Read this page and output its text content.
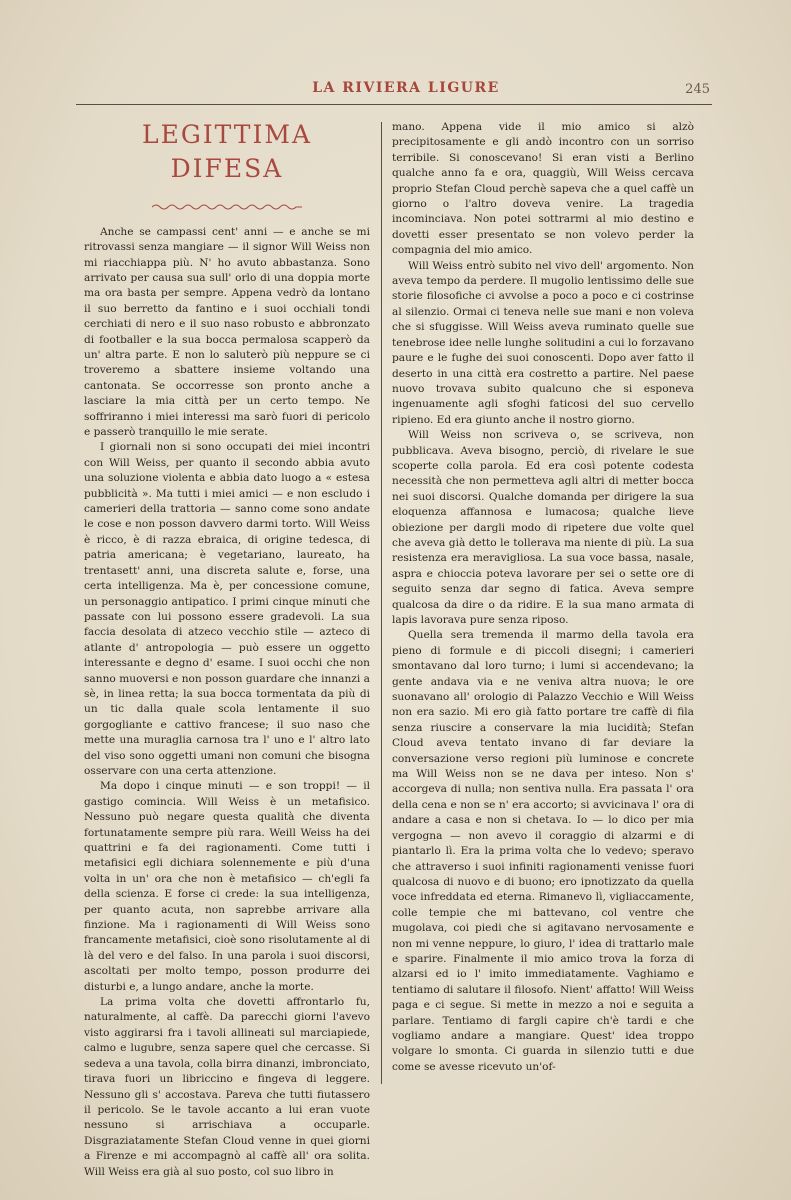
LA RIVIERA LIGURE	245
LEGITTIMA DIFESA

Anche se campassi cent' anni — e anche se mi ritrovassi senza mangiare — il signor Will Weiss non mi riacchiappa più. N' ho avuto abbastanza. Sono arrivato per causa sua sull' orlo di una doppia morte ma ora basta per sempre. Appena vedrò da lontano il suo berretto da fantino e i suoi occhiali tondi cerchiati di nero e il suo naso robusto e abbronzato di footballer e la sua bocca permalosa scapperò da un' altra parte. E non lo saluterò più neppure se ci troveremo a sbattere insieme voltando una cantonata. Se occorresse son pronto anche a lasciare la mia città per un certo tempo. Ne soffriranno i miei interessi ma sarò fuori di pericolo e passerò tranquillo le mie serate.

I giornali non si sono occupati dei miei incontri con Will Weiss, per quanto il secondo abbia avuto una soluzione violenta e abbia dato luogo a « estesa pubblicità ». Ma tutti i miei amici — e non escludo i camerieri della trattoria — sanno come sono andate le cose e non posson davvero darmi torto. Will Weiss è ricco, è di razza ebraica, di origine tedesca, di patria americana; è vegetariano, laureato, ha trentasett' anni, una discreta salute e, forse, una certa intelligenza. Ma è, per concessione comune, un personaggio antipatico. I primi cinque minuti che passate con lui possono essere gradevoli. La sua faccia desolata di atzeco vecchio stile — azteco di atlante d' antropologia — può essere un oggetto interessante e degno d' esame. I suoi occhi che non sanno muoversi e non posson guardare che innanzi a sè, in linea retta; la sua bocca tormentata da più di un tic dalla quale scola lentamente il suo gorgogliante e cattivo francese; il suo naso che mette una muraglia carnosa tra l' uno e l' altro lato del viso sono oggetti umani non comuni che bisogna osservare con una certa attenzione.

Ma dopo i cinque minuti — e son troppi! — il gastigo comincia. Will Weiss è un metafisico. Nessuno può negare questa qualità che diventa fortunatamente sempre più rara. Weill Weiss ha dei quattrini e fa dei ragionamenti. Come tutti i metafisici egli dichiara solennemente e più d'una volta in un' ora che non è metafisico — ch'egli fa della scienza. E forse ci crede: la sua intelligenza, per quanto acuta, non saprebbe arrivare alla finzione. Ma i ragionamenti di Will Weiss sono francamente metafisici, cioè sono risolutamente al di là del vero e del falso. In una parola i suoi discorsi, ascoltati per molto tempo, posson produrre dei disturbi e, a lungo andare, anche la morte.

La prima volta che dovetti affrontarlo fu, naturalmente, al caffè. Da parecchi giorni l'avevo visto aggirarsi fra i tavoli allineati sul marciapiede, calmo e lugubre, senza sapere quel che cercasse. Si sedeva a una tavola, colla birra dinanzi, imbronciato, tirava fuori un libriccino e fingeva di leggere. Nessuno gli s' accostava. Pareva che tutti fiutassero il pericolo. Se le tavole accanto a lui eran vuote nessuno si arrischiava a occuparle. Disgraziatamente Stefan Cloud venne in quei giorni a Firenze e mi accompagnò al caffè all' ora solita. Will Weiss era già al suo posto, col suo libro in

mano. Appena vide il mio amico si alzò precipitosamente e gli andò incontro con un sorriso terribile. Si conoscevano! Si eran visti a Berlino qualche anno fa e ora, quaggiù, Will Weiss cercava proprio Stefan Cloud perchè sapeva che a quel caffè un giorno o l'altro doveva venire. La tragedia incominciava. Non potei sottrarmi al mio destino e dovetti esser presentato se non volevo perder la compagnia del mio amico.

Will Weiss entrò subito nel vivo dell' argomento. Non aveva tempo da perdere. Il mugolio lentissimo delle sue storie filosofiche ci avvolse a poco a poco e ci costrinse al silenzio. Ormai ci teneva nelle sue mani e non voleva che si sfuggisse. Will Weiss aveva ruminato quelle sue tenebrose idee nelle lunghe solitudini a cui lo forzavano paure e le fughe dei suoi conoscenti. Dopo aver fatto il deserto in una città era costretto a partire. Nel paese nuovo trovava subito qualcuno che si esponeva ingenuamente agli sfoghi faticosi del suo cervello ripieno. Ed era giunto anche il nostro giorno.

Will Weiss non scriveva o, se scriveva, non pubblicava. Aveva bisogno, perciò, di rivelare le sue scoperte colla parola. Ed era così potente codesta necessità che non permetteva agli altri di metter bocca nei suoi discorsi. Qualche domanda per dirigere la sua eloquenza affannosa e lumacosa; qualche lieve obiezione per dargli modo di ripetere due volte quel che aveva già detto le tollerava ma niente di più. La sua resistenza era meravigliosa. La sua voce bassa, nasale, aspra e chioccia poteva lavorare per sei o sette ore di seguito senza dar segno di fatica. Aveva sempre qualcosa da dire o da ridire. E la sua mano armata di lapis lavorava pure senza riposo.

Quella sera tremenda il marmo della tavola era pieno di formule e di piccoli disegni; i camerieri smontavano dal loro turno; i lumi si accendevano; la gente andava via e ne veniva altra nuova; le ore suonavano all' orologio di Palazzo Vecchio e Will Weiss non era sazio. Mi ero già fatto portare tre caffè di fila senza riuscire a conservare la mia lucidità; Stefan Cloud aveva tentato invano di far deviare la conversazione verso regioni più luminose e concrete ma Will Weiss non se ne dava per inteso. Non s' accorgeva di nulla; non sentiva nulla. Era passata l' ora della cena e non se n' era accorto; si avvicinava l' ora di andare a casa e non si chetava. Io — lo dico per mia vergogna — non avevo il coraggio di alzarmi e di piantarlo lì. Era la prima volta che lo vedevo; speravo che attraverso i suoi infiniti ragionamenti venisse fuori qualcosa di nuovo e di buono; ero ipnotizzato da quella voce infreddata ed eterna. Rimanevo lì, vigliaccamente, colle tempie che mi battevano, col ventre che mugolava, coi piedi che si agitavano nervosamente e non mi venne neppure, lo giuro, l' idea di trattarlo male e sparire. Finalmente il mio amico trova la forza di alzarsi ed io l' imito immediatamente. Vaghiamo e tentiamo di salutare il filosofo. Nient' affatto! Will Weiss paga e ci segue. Si mette in mezzo a noi e seguita a parlare. Tentiamo di fargli capire ch'è tardi e che vogliamo andare a mangiare. Quest' idea troppo volgare lo smonta. Ci guarda in silenzio tutti e due come se avesse ricevuto un'of-
